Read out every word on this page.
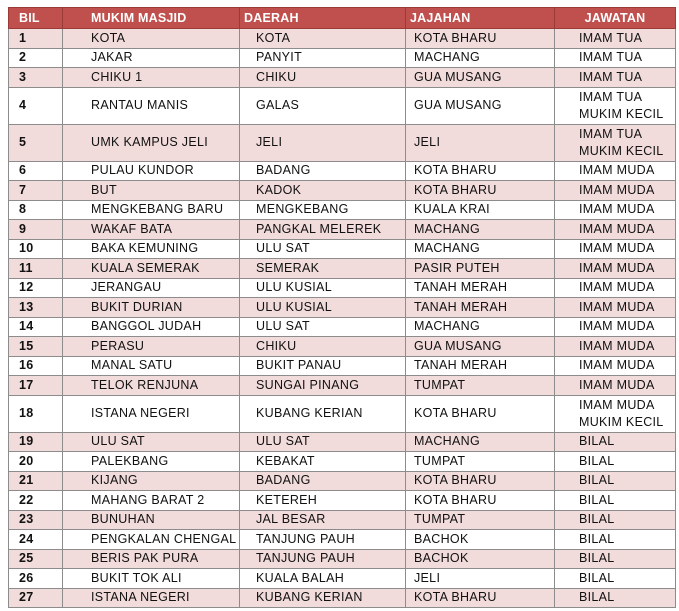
BIL	MUKIM MASJID	DAERAH	JAJAHAN	JAWATAN
1	KOTA	KOTA	KOTA BHARU	IMAM TUA

2	JAKAR	PANYIT	MACHANG	IMAM TUA

3	CHIKU 1	CHIKU	GUA MUSANG	IMAM TUA

4	RANTAU MANIS	GALAS	GUA MUSANG	IMAM TUA
MUKIM KECIL

5	UMK KAMPUS JELI	JELI	JELI	IMAM TUA
MUKIM KECIL

6	PULAU KUNDOR	BADANG	KOTA BHARU	IMAM MUDA

7	BUT	KADOK	KOTA BHARU	IMAM MUDA

8	MENGKEBANG BARU	MENGKEBANG	KUALA KRAI	IMAM MUDA

9	WAKAF BATA	PANGKAL MELEREK	MACHANG	IMAM MUDA

10	BAKA KEMUNING	ULU SAT	MACHANG	IMAM MUDA

11	KUALA SEMERAK	SEMERAK	PASIR PUTEH	IMAM MUDA

12	JERANGAU	ULU KUSIAL	TANAH MERAH	IMAM MUDA

13	BUKIT DURIAN	ULU KUSIAL	TANAH MERAH	IMAM MUDA

14	BANGGOL JUDAH	ULU SAT	MACHANG	IMAM MUDA

15	PERASU	CHIKU	GUA MUSANG	IMAM MUDA

16	MANAL SATU	BUKIT PANAU	TANAH MERAH	IMAM MUDA

17	TELOK RENJUNA	SUNGAI PINANG	TUMPAT	IMAM MUDA

18	ISTANA NEGERI	KUBANG KERIAN	KOTA BHARU	IMAM MUDA
MUKIM KECIL

19	ULU SAT	ULU SAT	MACHANG	BILAL

20	PALEKBANG	KEBAKAT	TUMPAT	BILAL

21	KIJANG	BADANG	KOTA BHARU	BILAL

22	MAHANG BARAT 2	KETEREH	KOTA BHARU	BILAL

23	BUNUHAN	JAL BESAR	TUMPAT	BILAL

24	PENGKALAN CHENGAL	TANJUNG PAUH	BACHOK	BILAL

25	BERIS PAK PURA	TANJUNG PAUH	BACHOK	BILAL

26	BUKIT TOK ALI	KUALA BALAH	JELI	BILAL

27	ISTANA NEGERI	KUBANG KERIAN	KOTA BHARU	BILAL
